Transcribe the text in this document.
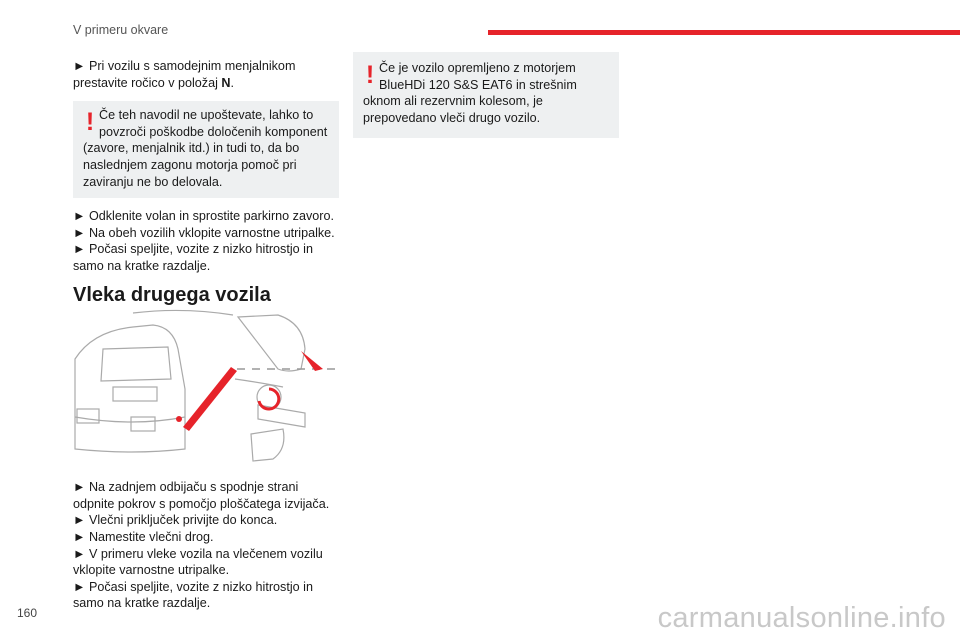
V primeru okvare

► Pri vozilu s samodejnim menjalnikom prestavite ročico v položaj N.

! Če teh navodil ne upoštevate, lahko to povzroči poškodbe določenih komponent (zavore, menjalnik itd.) in tudi to, da bo naslednjem zagonu motorja pomoč pri zaviranju ne bo delovala.

► Odklenite volan in sprostite parkirno zavoro.

► Na obeh vozilih vklopite varnostne utripalke.

► Počasi speljite, vozite z nizko hitrostjo in samo na kratke razdalje.

Vleka drugega vozila

► Na zadnjem odbijaču s spodnje strani odpnite pokrov s pomočjo ploščatega izvijača.

► Vlečni priključek privijte do konca.

► Namestite vlečni drog.

► V primeru vleke vozila na vlečenem vozilu vklopite varnostne utripalke.

► Počasi speljite, vozite z nizko hitrostjo in samo na kratke razdalje.

! Če je vozilo opremljeno z motorjem BlueHDi 120 S&S EAT6 in strešnim oknom ali rezervnim kolesom, je prepovedano vleči drugo vozilo.
160	carmanualsonline.info
